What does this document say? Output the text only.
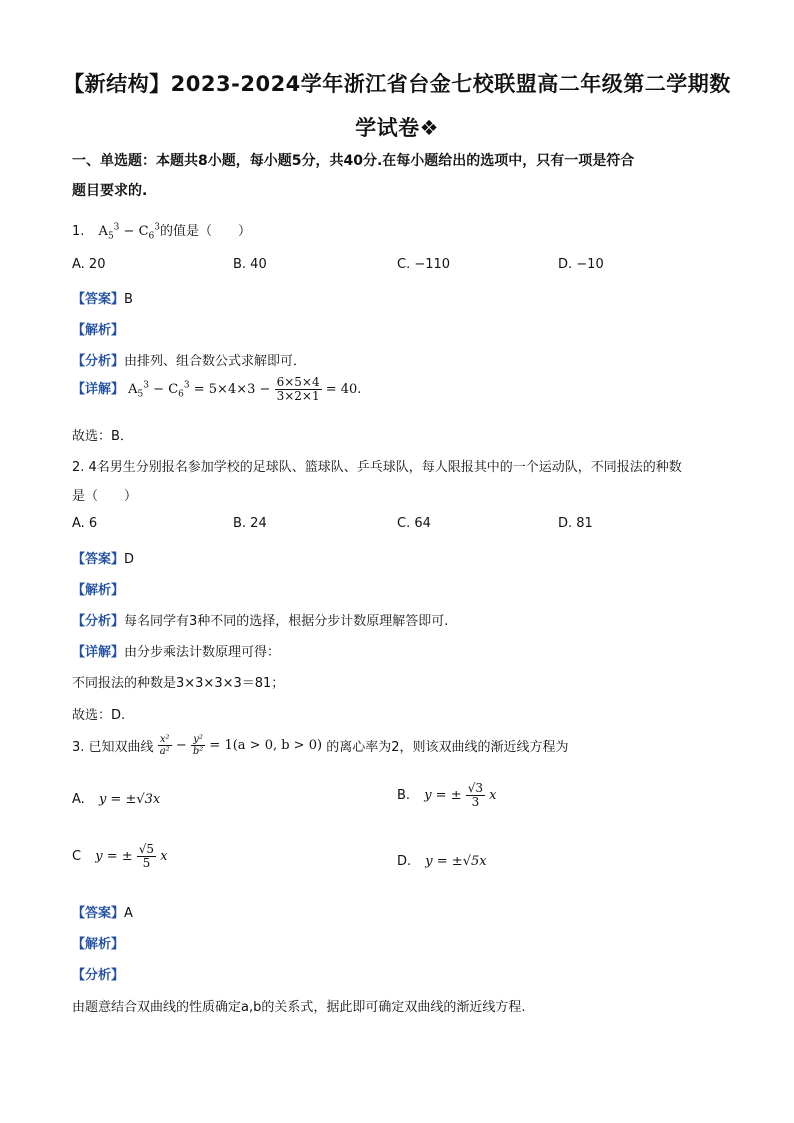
【新结构】2023-2024学年浙江省台金七校联盟高二年级第二学期数
学试卷❖
一、单选题：本题共8小题，每小题5分，共40分.在每小题给出的选项中，只有一项是符合
题目要求的.
1. $A_5^3 - C_6^3$的值是（　　）
A. 20	B. 40	C. −110	D. −10
【答案】B
【解析】
【分析】由排列、组合数公式求解即可．
【详解】 $A_5^3 - C_6^3 = 5\times 4\times 3 - \frac{6\times 5\times 4}{3\times 2\times 1} = 40$.
故选：B．
2. 4名男生分别报名参加学校的足球队、篮球队、乒乓球队，每人限报其中的一个运动队，不同报法的种数
是（　　）
A. 6	B. 24	C. 64	D. 81
【答案】D
【解析】
【分析】每名同学有3种不同的选择，根据分步计数原理解答即可.
【详解】由分步乘法计数原理可得：
不同报法的种数是3×3×3×3＝81；
故选：D.
3. 已知双曲线 $\frac{\text{x²}}{\text{a²}} - \frac{\text{y²}}{\text{b²}} = 1(a > 0$, b > 0) 的离心率为2，则该双曲线的渐近线方程为
A. y = ±√3x	B. y = ± $\frac{√3}{3}$ x
C y = ± $\frac{√5}{5}$ x	D. y = ±√5x
【答案】A
【解析】
【分析】
由题意结合双曲线的性质确定a,b的关系式，据此即可确定双曲线的渐近线方程.
